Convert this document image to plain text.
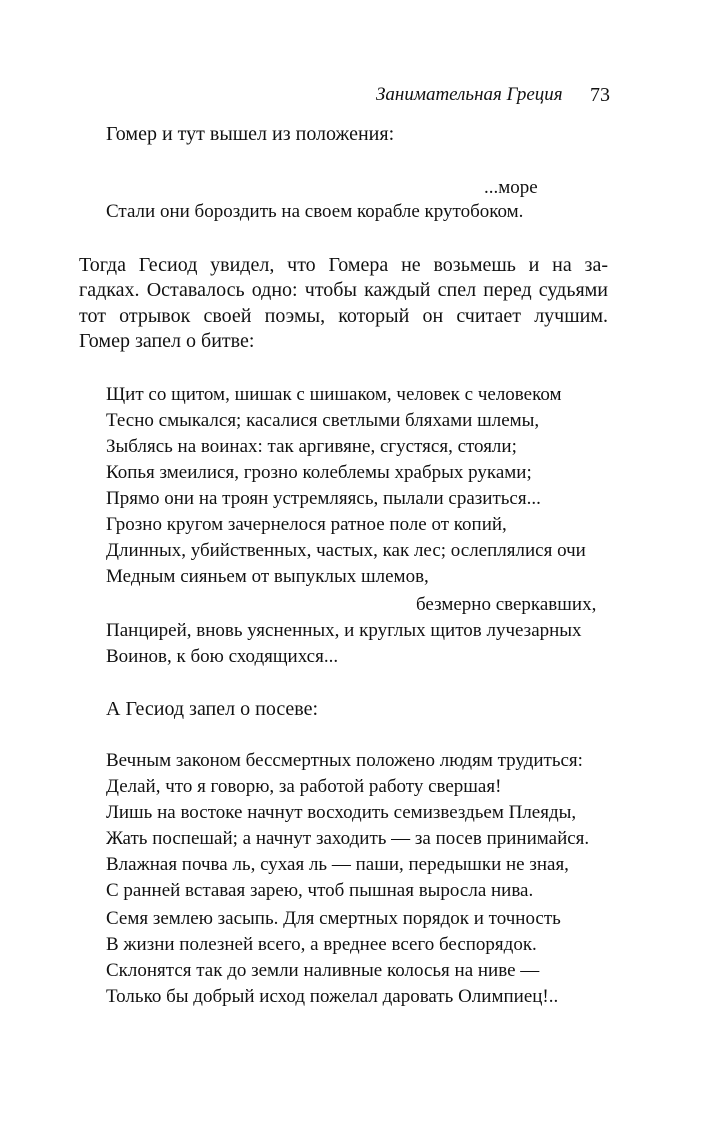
Занимательная Греция 73
Гомер и тут вышел из положения:
...море
Стали они бороздить на своем корабле крутобоком.
Тогда Гесиод увидел, что Гомера не возьмешь и на за-
гадках. Оставалось одно: чтобы каждый спел перед судьями
тот отрывок своей поэмы, который он считает лучшим.
Гомер запел о битве:
Щит со щитом, шишак с шишаком, человек с человеком
Тесно смыкался; касалися светлыми бляхами шлемы,
Зыблясь на воинах: так аргивяне, сгустяся, стояли;
Копья змеилися, грозно колеблемы храбрых руками;
Прямо они на троян устремляясь, пылали сразиться...
Грозно кругом зачернелося ратное поле от копий,
Длинных, убийственных, частых, как лес; ослеплялися очи
Медным сияньем от выпуклых шлемов,
безмерно сверкавших,
Панцирей, вновь уясненных, и круглых щитов лучезарных
Воинов, к бою сходящихся...
А Гесиод запел о посеве:
Вечным законом бессмертных положено людям трудиться:
Делай, что я говорю, за работой работу свершая!
Лишь на востоке начнут восходить семизвездьем Плеяды,
Жать поспешай; а начнут заходить — за посев принимайся.
Влажная почва ль, сухая ль — паши, передышки не зная,
С ранней вставая зарею, чтоб пышная выросла нива.
Семя землею засыпь. Для смертных порядок и точность
В жизни полезней всего, а вреднее всего беспорядок.
Склонятся так до земли наливные колосья на ниве —
Только бы добрый исход пожелал даровать Олимпиец!..
